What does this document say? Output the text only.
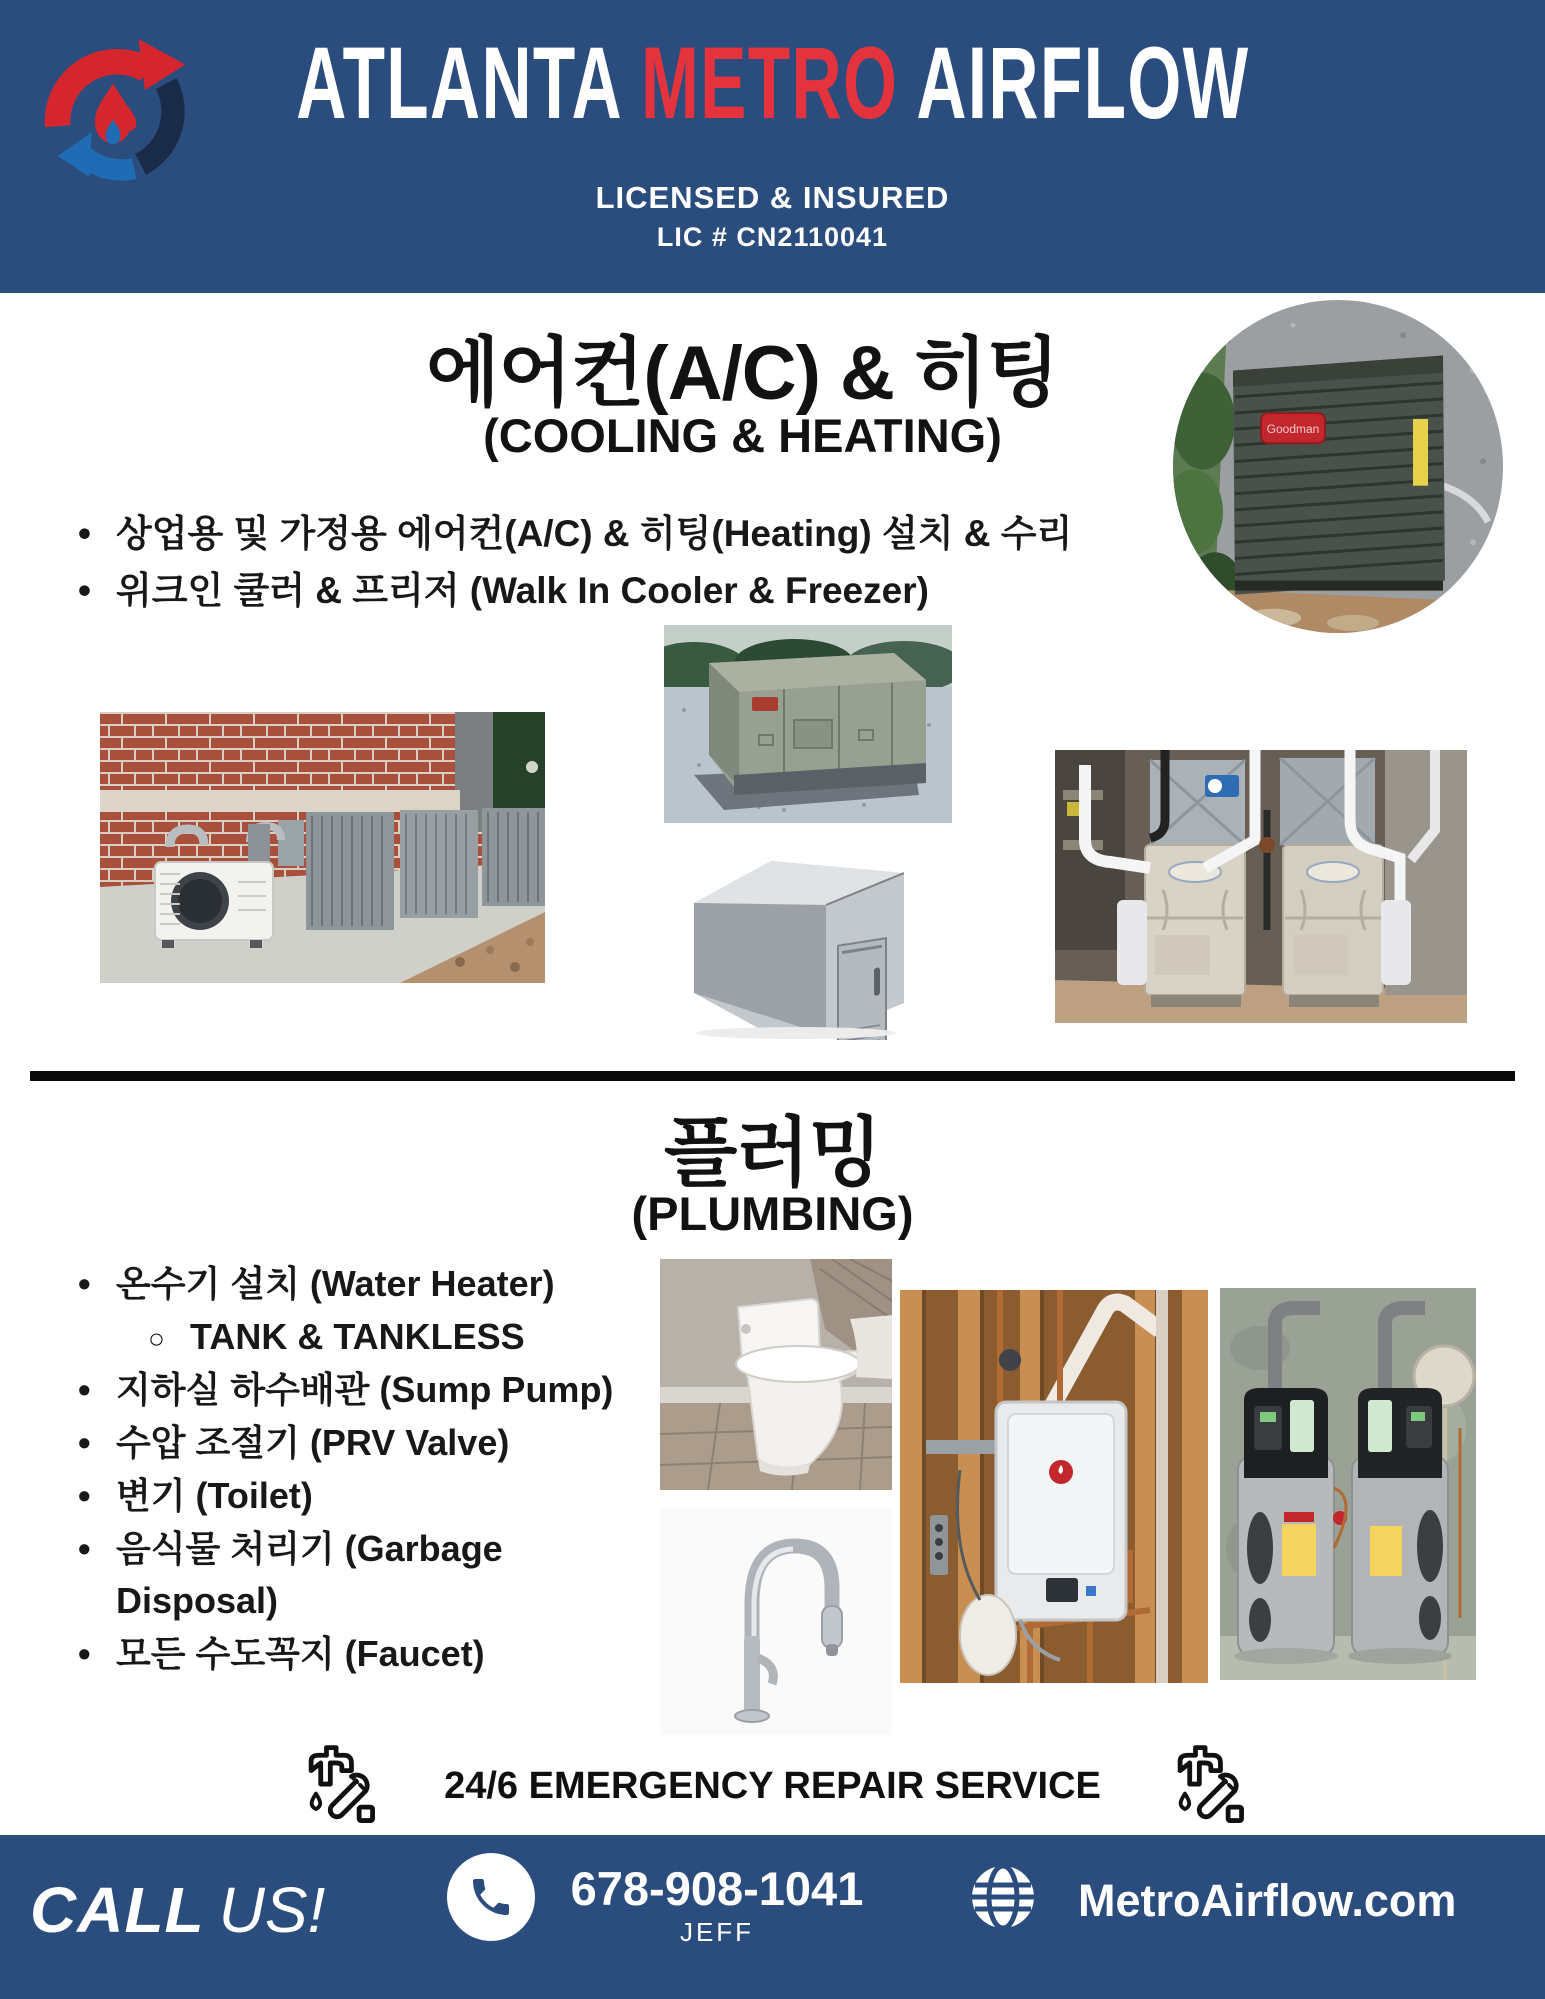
ATLANTA METRO AIRFLOW
LICENSED & INSURED
LIC # CN2110041
에어컨(A/C) & 히팅
(COOLING & HEATING)
• 상업용 및 가정용 에어컨(A/C) & 히팅(Heating) 설치 & 수리
• 위크인 쿨러 & 프리저 (Walk In Cooler & Freezer)
Goodman
플러밍
(PLUMBING)
• 온수기 설치 (Water Heater)
○ TANK & TANKLESS
• 지하실 하수배관 (Sump Pump)
• 수압 조절기 (PRV Valve)
• 변기 (Toilet)
• 음식물 처리기 (Garbage Disposal)
• 모든 수도꼭지 (Faucet)
24/6 EMERGENCY REPAIR SERVICE
CALL US!	678-908-1041
JEFF
MetroAirflow.com
